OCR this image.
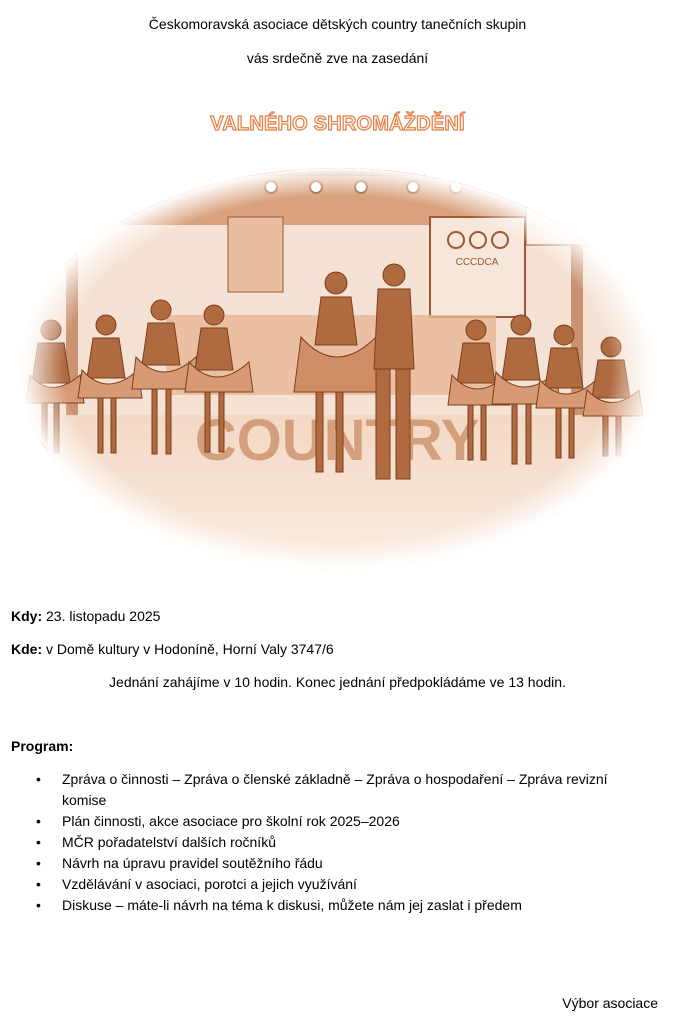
Českomoravská asociace dětských country tanečních skupin
vás srdečně zve na zasedání
VALNÉHO SHROMÁŽDĚNÍ
Kdy: 23. listopadu 2025
Kde: v Domě kultury v Hodoníně, Horní Valy 3747/6
Jednání zahájíme v 10 hodin. Konec jednání předpokládáme ve 13 hodin.
Program:
• Zpráva o činnosti – Zpráva o členské základně – Zpráva o hospodaření – Zpráva revizní komise
• Plán činnosti, akce asociace pro školní rok 2025–2026
• MČR pořadatelství dalších ročníků
• Návrh na úpravu pravidel soutěžního řádu
• Vzdělávání v asociaci, porotci a jejich využívání
• Diskuse – máte-li návrh na téma k diskusi, můžete nám jej zaslat i předem
Výbor asociace
